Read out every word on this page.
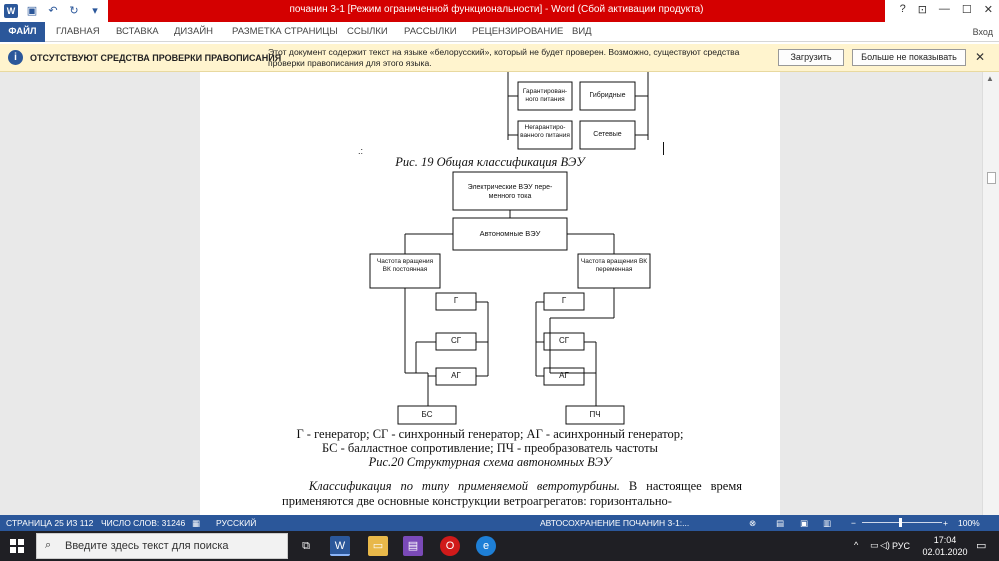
W ▣ ↶ ↻	▾	почанин 3-1 [Режим ограниченной функциональности] - Word (Сбой активации продукта)	? ⊡ — ☐ ✕
ФАЙЛ	ГЛАВНАЯ ВСТАВКА ДИЗАЙН РАЗМЕТКА СТРАНИЦЫ ССЫЛКИ РАССЫЛКИ РЕЦЕНЗИРОВАНИЕ ВИД	Вход
i	ОТСУТСТВУЮТ СРЕДСТВА ПРОВЕРКИ ПРАВОПИСАНИЯ
Этот документ содержит текст на языке «белорусский», который не будет проверен. Возможно, существуют средства проверки правописания для этого языка.
Загрузить	Больше не показывать	✕
Гарантирован-ного питания
Гибридные
Негарантиро-ванного питания	Сетевые
.:
Рис. 19 Общая классификация ВЭУ
Электрические ВЭУ пере-менного тока
Автономные ВЭУ
Частота вращения ВК постоянная
Частота вращения ВК переменная
Г
СГ
АГ
Г
СГ
АГ
БС	ПЧ
Г - генератор; СГ - синхронный генератор; АГ - асинхронный генератор;
БС - балластное сопротивление; ПЧ - преобразователь частоты
Рис.20 Структурная схема автономных ВЭУ
Классификация по типу применяемой ветротурбины. В настоящее время применяются две основные конструкции ветроагрегатов: горизонтально-
▲
СТРАНИЦА 25 ИЗ 112 ЧИСЛО СЛОВ: 31246 ▦ РУССКИЙ	АВТОСОХРАНЕНИЕ ПОЧАНИН 3-1:...	⊗ ▤ ▣ ▥ −	+ 100%
⌕ Введите здесь текст для поиска	⧉	W	▭	▤	O	e	^ ▭ ◁) РУС
17:04
02.01.2020 ▭
